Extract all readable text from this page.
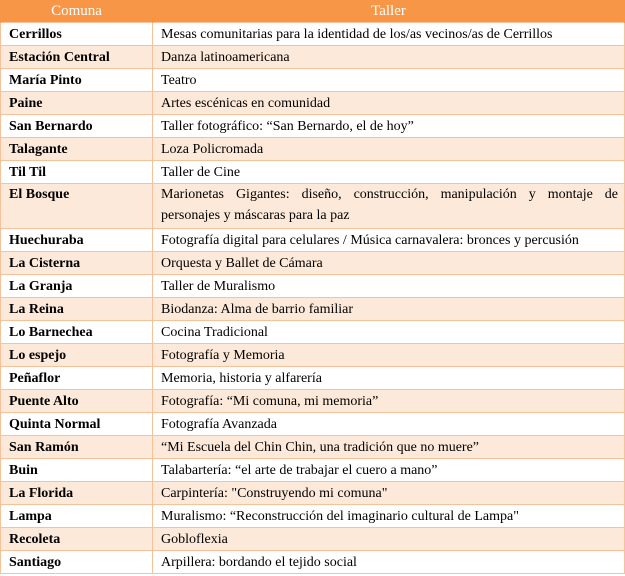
Comuna	Taller
Cerrillos	Mesas comunitarias para la identidad de los/as vecinos/as de Cerrillos
Estación Central	Danza latinoamericana
María Pinto	Teatro
Paine	Artes escénicas en comunidad
San Bernardo	Taller fotográfico: “San Bernardo, el de hoy”
Talagante	Loza Policromada
Til Til	Taller de Cine
El Bosque	Marionetas Gigantes: diseño, construcción, manipulación y montaje de personajes y máscaras para la paz
Huechuraba	Fotografía digital para celulares / Música carnavalera: bronces y percusión
La Cisterna	Orquesta y Ballet de Cámara
La Granja	Taller de Muralismo
La Reina	Biodanza: Alma de barrio familiar
Lo Barnechea	Cocina Tradicional
Lo espejo	Fotografía y Memoria
Peñaflor	Memoria, historia y alfarería
Puente Alto	Fotografía: “Mi comuna, mi memoria”
Quinta Normal	Fotografía Avanzada
San Ramón	“Mi Escuela del Chin Chin, una tradición que no muere”
Buin	Talabartería: “el arte de trabajar el cuero a mano”
La Florida	Carpintería: "Construyendo mi comuna"
Lampa	Muralismo: “Reconstrucción del imaginario cultural de Lampa"
Recoleta	Gobloflexia
Santiago	Arpillera: bordando el tejido social
